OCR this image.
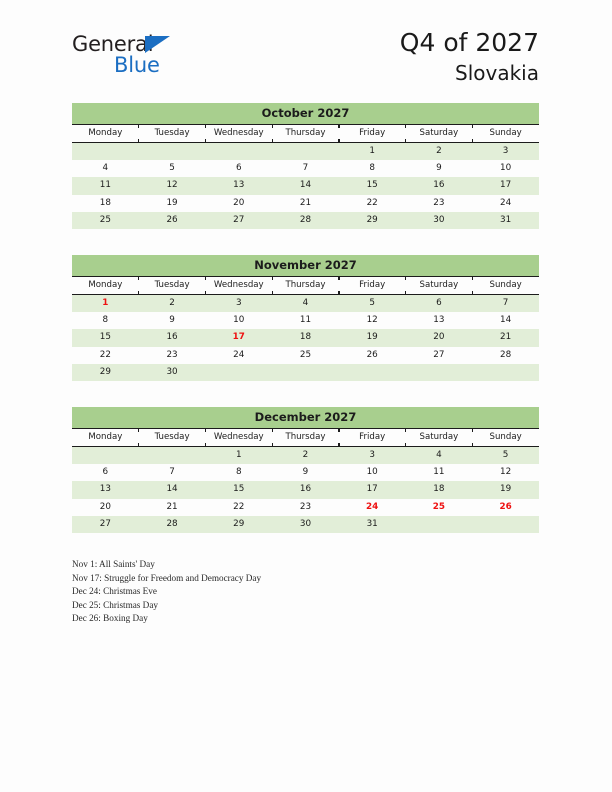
General
Blue
Q4 of 2027
Slovakia
October 2027						
Monday	Tuesday	Wednesday	Thursday	Friday	Saturday	Sunday
				1	2	3
4	5	6	7	8	9	10
11	12	13	14	15	16	17
18	19	20	21	22	23	24
25	26	27	28	29	30	31
November 2027						
Monday	Tuesday	Wednesday	Thursday	Friday	Saturday	Sunday
1	2	3	4	5	6	7
8	9	10	11	12	13	14
15	16	17	18	19	20	21
22	23	24	25	26	27	28
29	30					
December 2027						
Monday	Tuesday	Wednesday	Thursday	Friday	Saturday	Sunday
		1	2	3	4	5
6	7	8	9	10	11	12
13	14	15	16	17	18	19
20	21	22	23	24	25	26
27	28	29	30	31		
Nov 1: All Saints' Day
Nov 17: Struggle for Freedom and Democracy Day
Dec 24: Christmas Eve
Dec 25: Christmas Day
Dec 26: Boxing Day
